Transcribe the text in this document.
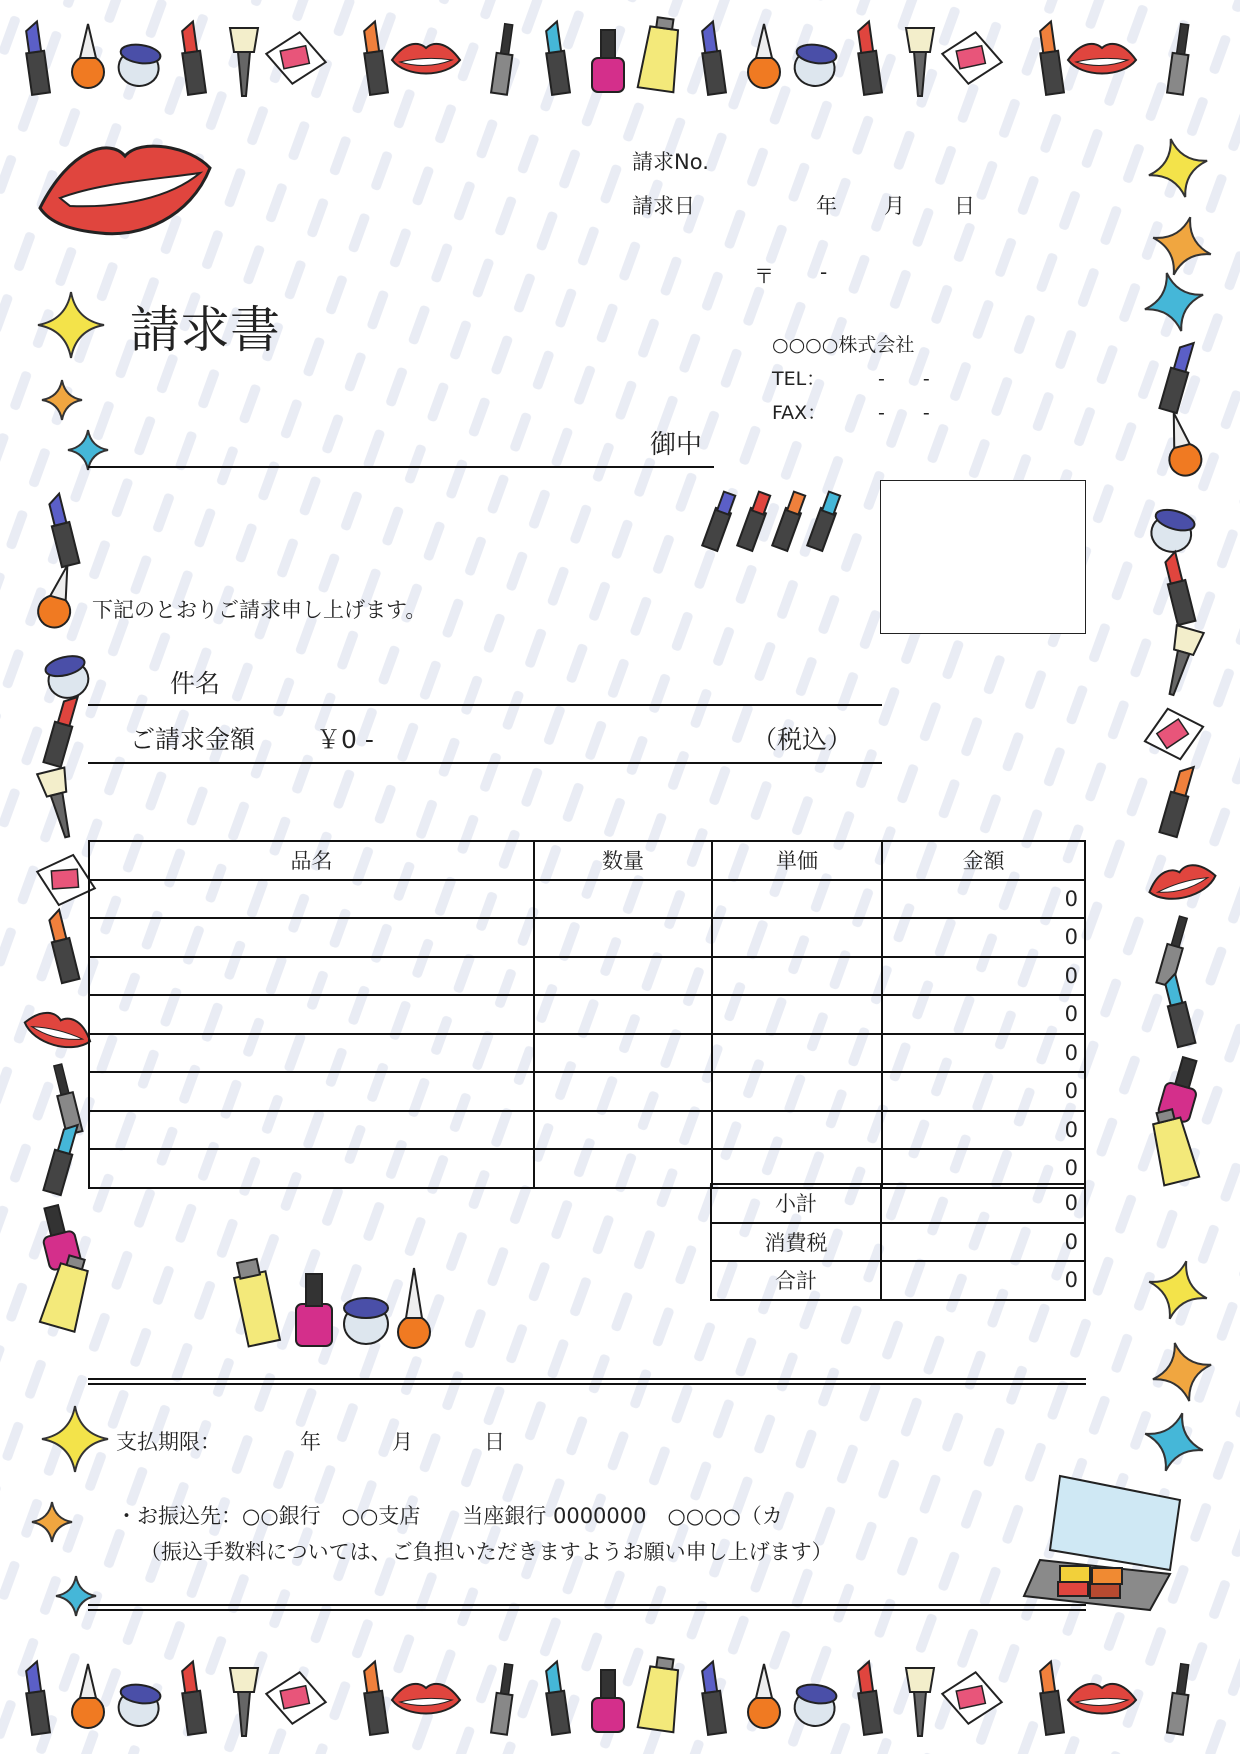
請求No.
請求日	年 月 日
〒 -
○○○○株式会社
TEL：	-　　-
FAX：	-　　-
請求書
御中
下記のとおりご請求申し上げます。
件名
ご請求金額 ￥0 -	（税込）
品名	数量	単価	金額
			0
			0
			0
			0
			0
			0
			0
			0
小計	0
消費税	0
合計	0
支払期限：	年	月	日
・お振込先：○○銀行　○○支店　　当座銀行 0000000　○○○○（カ
（振込手数料については、ご負担いただきますようお願い申し上げます）
